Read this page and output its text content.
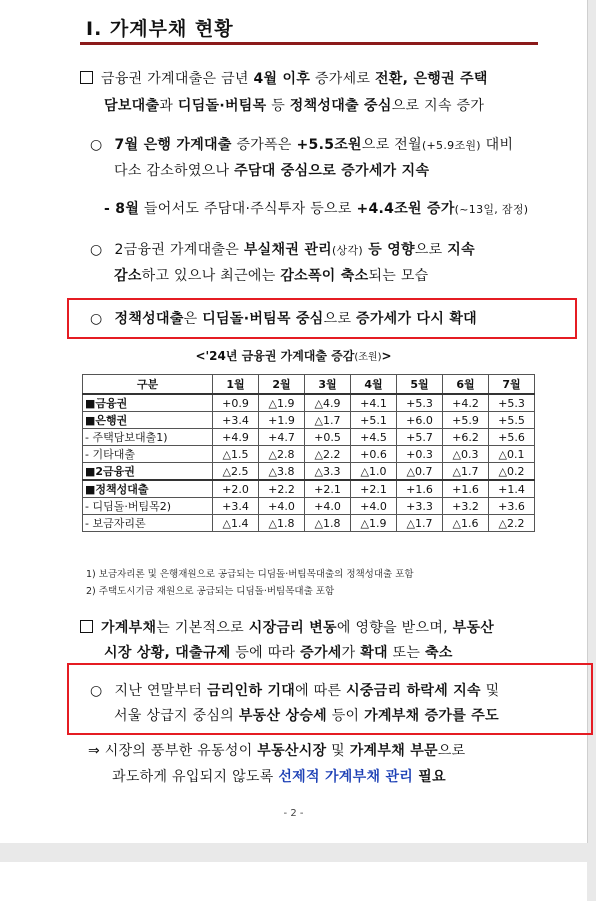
Ⅰ. 가계부채 현황
금융권 가계대출은 금년 4월 이후 증가세로 전환, 은행권 주택
담보대출과 디딤돌·버팀목 등 정책성대출 중심으로 지속 증가
○ 7월 은행 가계대출 증가폭은 +5.5조원으로 전월(+5.9조원) 대비
다소 감소하였으나 주담대 중심으로 증가세가 지속
- 8월 들어서도 주담대·주식투자 등으로 +4.4조원 증가(~13일, 잠정)
○ 2금융권 가계대출은 부실채권 관리(상각) 등 영향으로 지속
감소하고 있으나 최근에는 감소폭이 축소되는 모습
○ 정책성대출은 디딤돌·버팀목 중심으로 증가세가 다시 확대
<'24년 금융권 가계대출 증감(조원)>
구분	1월	2월	3월	4월	5월	6월	7월
■금융권	+0.9	△1.9	△4.9	+4.1	+5.3	+4.2	+5.3
■은행권	+3.4	+1.9	△1.7	+5.1	+6.0	+5.9	+5.5
- 주택담보대출1)	+4.9	+4.7	+0.5	+4.5	+5.7	+6.2	+5.6
- 기타대출	△1.5	△2.8	△2.2	+0.6	+0.3	△0.3	△0.1
■2금융권	△2.5	△3.8	△3.3	△1.0	△0.7	△1.7	△0.2
■정책성대출	+2.0	+2.2	+2.1	+2.1	+1.6	+1.6	+1.4
- 디딤돌·버팀목2)	+3.4	+4.0	+4.0	+4.0	+3.3	+3.2	+3.6
- 보금자리론	△1.4	△1.8	△1.8	△1.9	△1.7	△1.6	△2.2
1) 보금자리론 및 은행재원으로 공급되는 디딤돌·버팀목대출의 정책성대출 포함
2) 주택도시기금 재원으로 공급되는 디딤돌·버팀목대출 포함
가계부채는 기본적으로 시장금리 변동에 영향을 받으며, 부동산
시장 상황, 대출규제 등에 따라 증가세가 확대 또는 축소
○ 지난 연말부터 금리인하 기대에 따른 시중금리 하락세 지속 및
서울 상급지 중심의 부동산 상승세 등이 가계부채 증가를 주도
⇒ 시장의 풍부한 유동성이 부동산시장 및 가계부채 부문으로
과도하게 유입되지 않도록 선제적 가계부채 관리 필요
- 2 -
